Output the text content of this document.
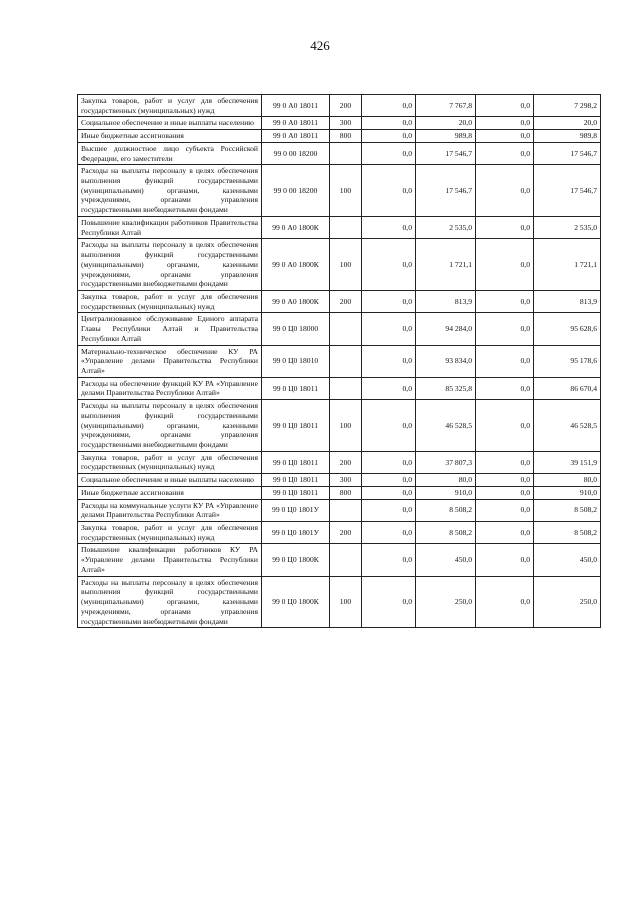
426
Закупка товаров, работ и услуг для обеспечения государственных (муниципальных) нужд	99 0 А0 18011	200	0,0	7 767,8	0,0	7 298,2
Социальное обеспечение и иные выплаты населению	99 0 А0 18011	300	0,0	20,0	0,0	20,0
Иные бюджетные ассигнования	99 0 А0 18011	800	0,0	989,8	0,0	989,8
Высшее должностное лицо субъекта Российской Федерации, его заместители	99 0 00 18200		0,0	17 546,7	0,0	17 546,7
Расходы на выплаты персоналу в целях обеспечения выполнения функций государственными (муниципальными) органами, казенными учреждениями, органами управления государственными внебюджетными фондами	99 0 00 18200	100	0,0	17 546,7	0,0	17 546,7
Повышение квалификации работников Правительства Республики Алтай	99 0 А0 1800К		0,0	2 535,0	0,0	2 535,0
Расходы на выплаты персоналу в целях обеспечения выполнения функций государственными (муниципальными) органами, казенными учреждениями, органами управления государственными внебюджетными фондами	99 0 А0 1800К	100	0,0	1 721,1	0,0	1 721,1
Закупка товаров, работ и услуг для обеспечения государственных (муниципальных) нужд	99 0 А0 1800К	200	0,0	813,9	0,0	813,9
Централизованное обслуживание Единого аппарата Главы Республики Алтай и Правительства Республики Алтай	99 0 Ц0 18000		0,0	94 284,0	0,0	95 628,6
Материально-техническое обеспечение КУ РА «Управление делами Правительства Республики Алтай»	99 0 Ц0 18010		0,0	93 834,0	0,0	95 178,6
Расходы на обеспечение функций КУ РА «Управление делами Правительства Республики Алтай»	99 0 Ц0 18011		0,0	85 325,8	0,0	86 670,4
Расходы на выплаты персоналу в целях обеспечения выполнения функций государственными (муниципальными) органами, казенными учреждениями, органами управления государственными внебюджетными фондами	99 0 Ц0 18011	100	0,0	46 528,5	0,0	46 528,5
Закупка товаров, работ и услуг для обеспечения государственных (муниципальных) нужд	99 0 Ц0 18011	200	0,0	37 807,3	0,0	39 151,9
Социальное обеспечение и иные выплаты населению	99 0 Ц0 18011	300	0,0	80,0	0,0	80,0
Иные бюджетные ассигнования	99 0 Ц0 18011	800	0,0	910,0	0,0	910,0
Расходы на коммунальные услуги КУ РА «Управление делами Правительства Республики Алтай»	99 0 Ц0 1801У		0,0	8 508,2	0,0	8 508,2
Закупка товаров, работ и услуг для обеспечения государственных (муниципальных) нужд	99 0 Ц0 1801У	200	0,0	8 508,2	0,0	8 508,2
Повышение квалификации работников КУ РА «Управление делами Правительства Республики Алтай»	99 0 Ц0 1800К		0,0	450,0	0,0	450,0
Расходы на выплаты персоналу в целях обеспечения выполнения функций государственными (муниципальными) органами, казенными учреждениями, органами управления государственными внебюджетными фондами	99 0 Ц0 1800К	100	0,0	250,0	0,0	250,0
